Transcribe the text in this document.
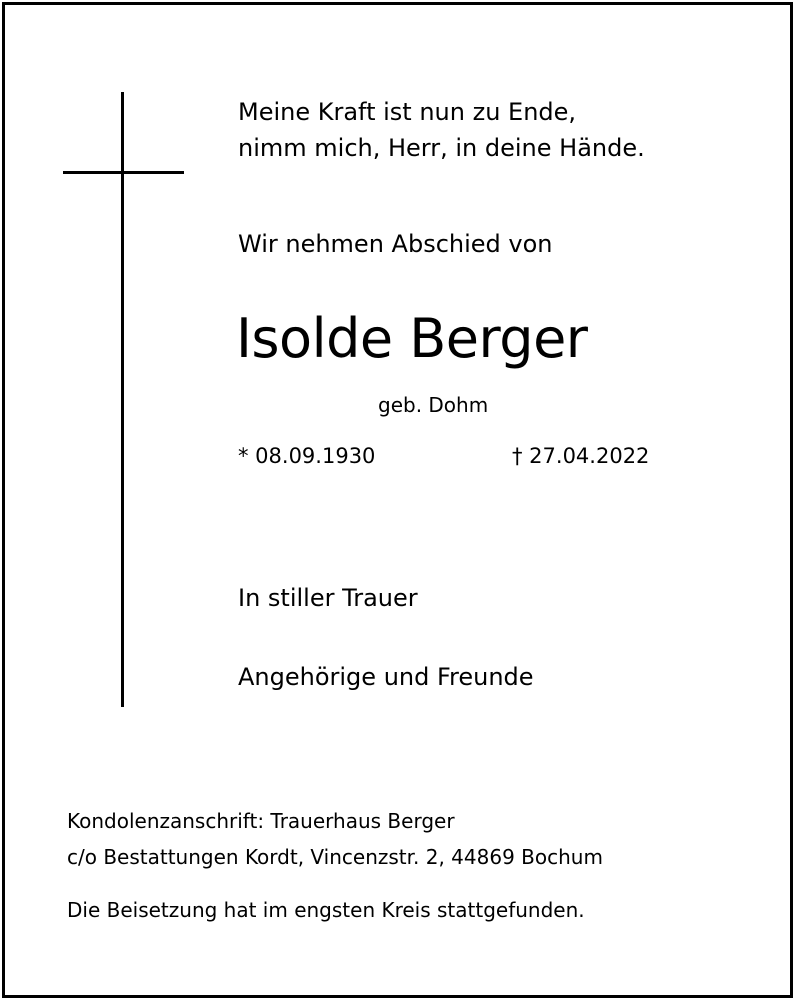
Meine Kraft ist nun zu Ende,
nimm mich, Herr, in deine Hände.
Wir nehmen Abschied von
Isolde Berger
geb. Dohm
* 08.09.1930	† 27.04.2022
In stiller Trauer
Angehörige und Freunde
Kondolenzanschrift: Trauerhaus Berger
c/o Bestattungen Kordt, Vincenzstr. 2, 44869 Bochum
Die Beisetzung hat im engsten Kreis stattgefunden.
